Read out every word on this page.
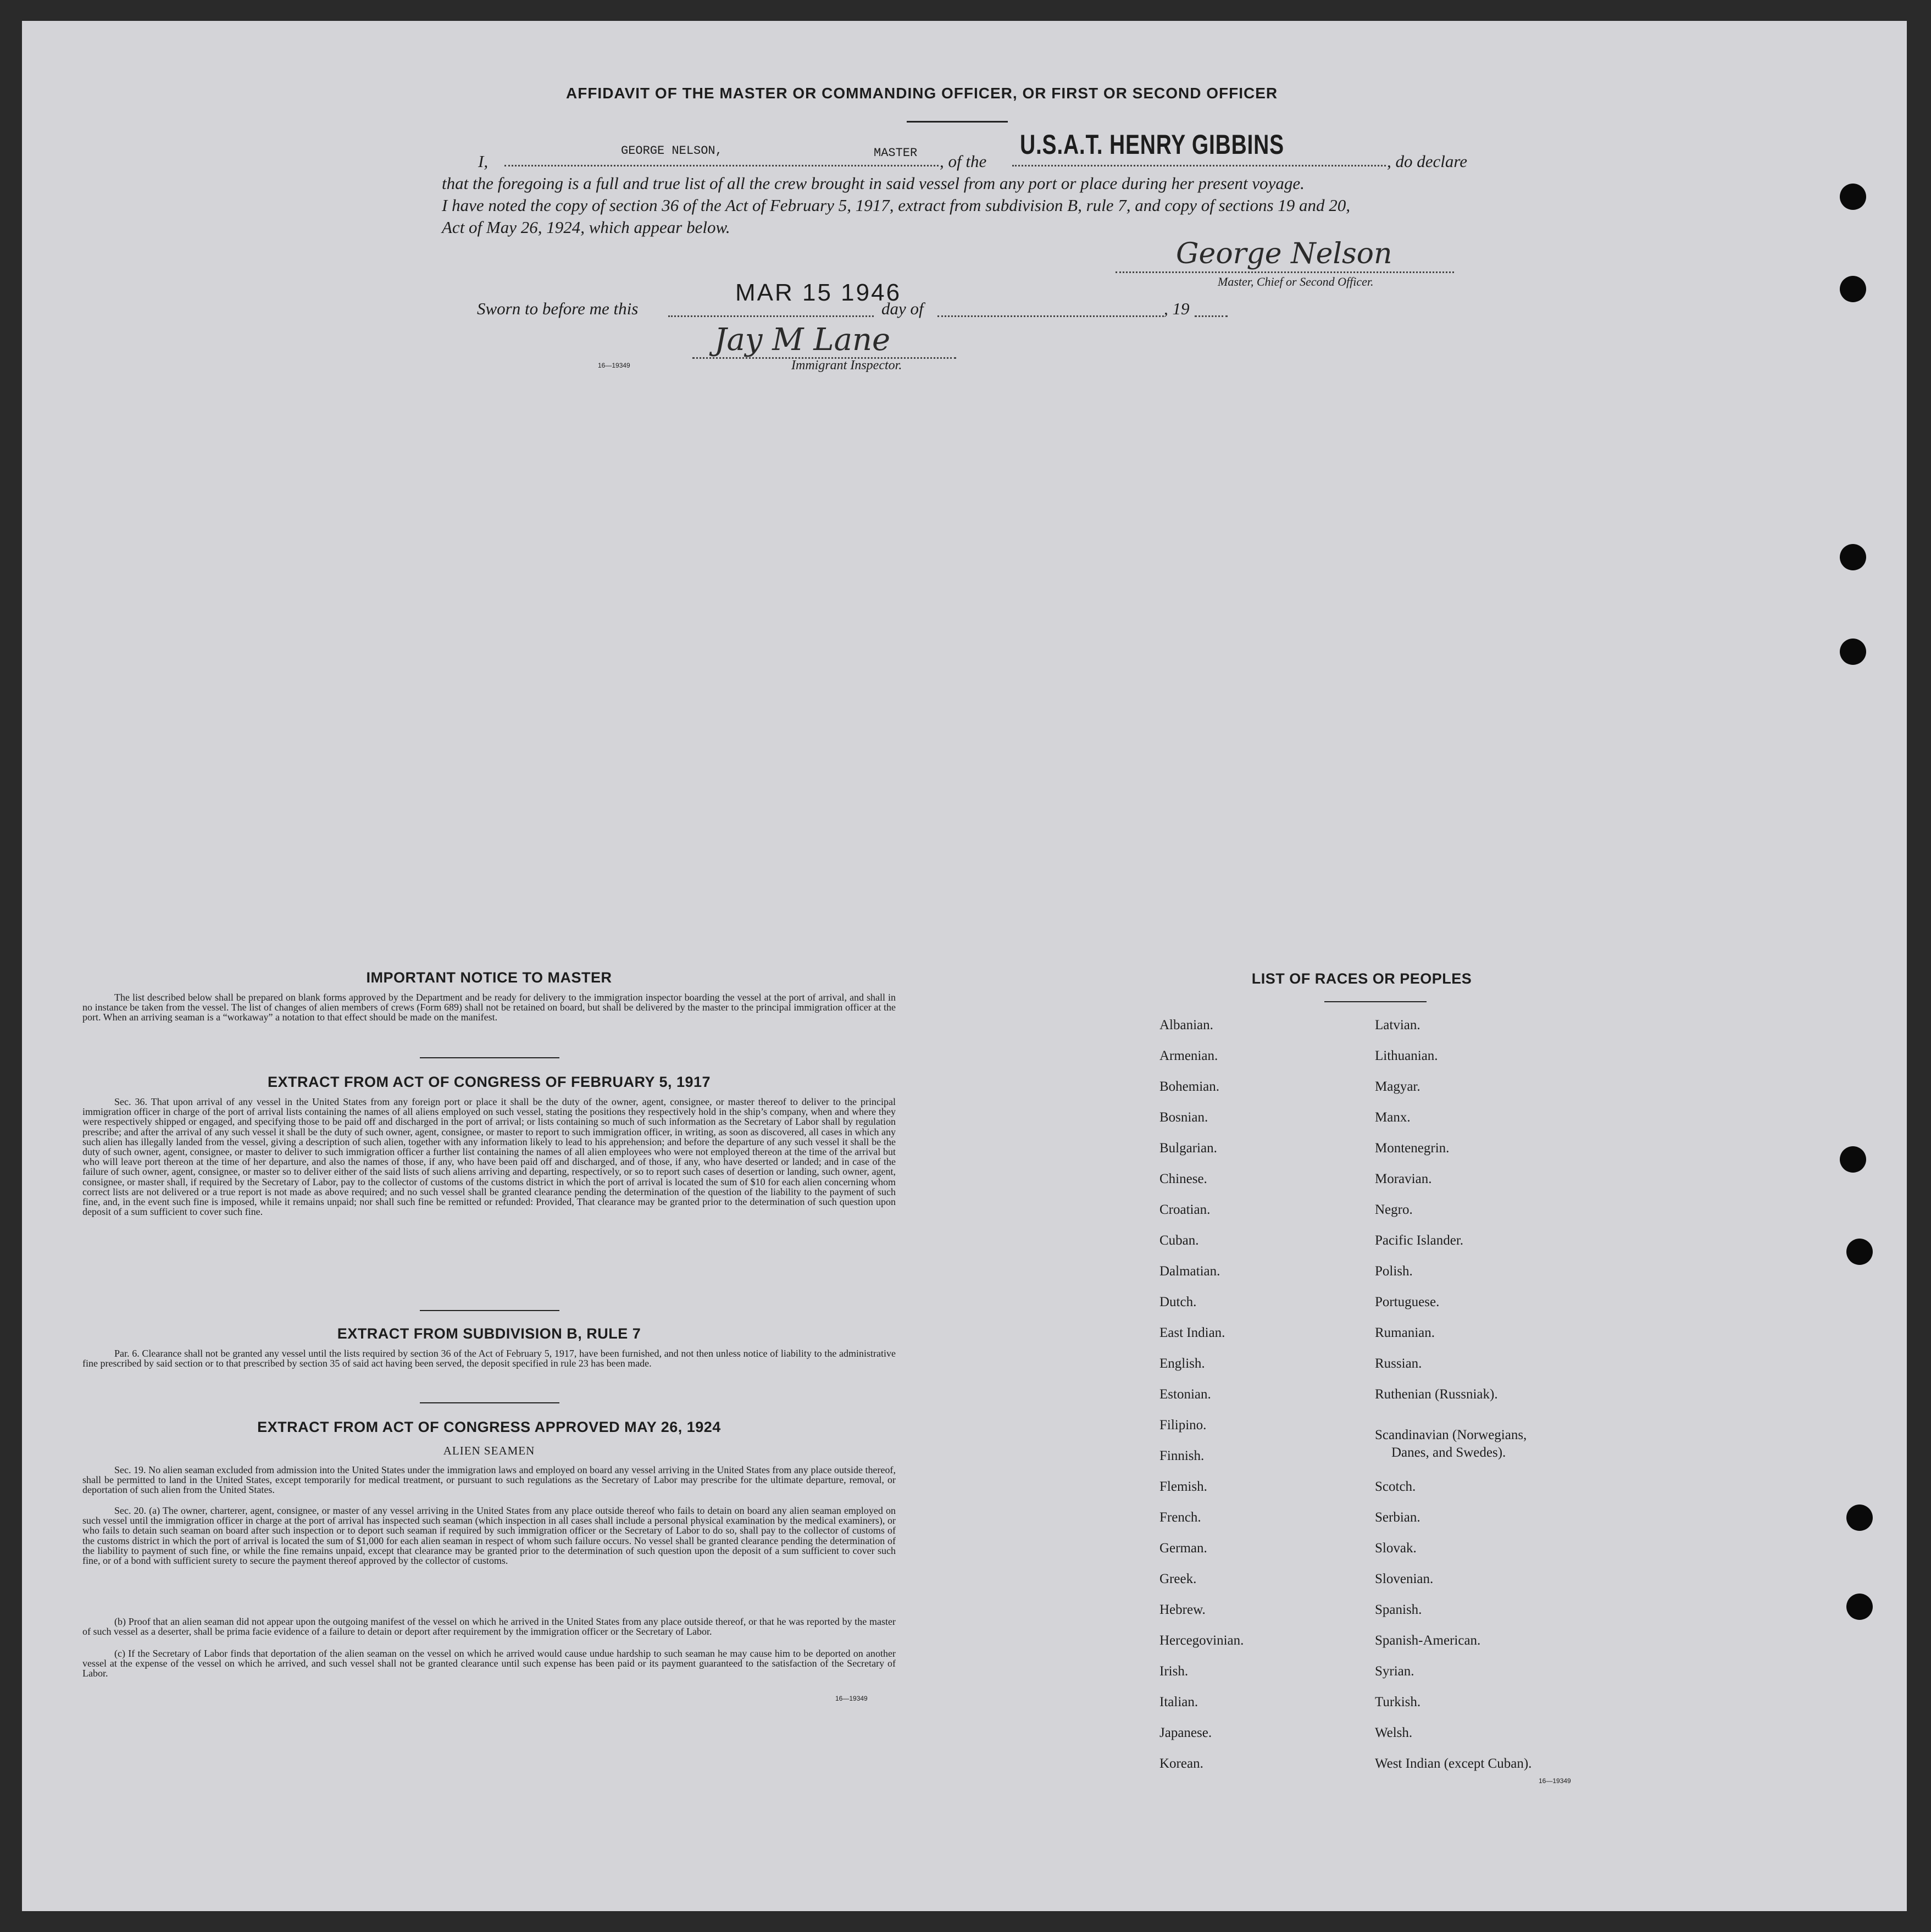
AFFIDAVIT OF THE MASTER OR COMMANDING OFFICER, OR FIRST OR SECOND OFFICER
I,
GEORGE NELSON,	MASTER , of the
U.S.A.T. HENRY GIBBINS
, do declare
that the foregoing is a full and true list of all the crew brought in said vessel from any port or place during her present voyage.
I have noted the copy of section 36 of the Act of February 5, 1917, extract from subdivision B, rule 7, and copy of sections 19 and 20,
Act of May 26, 1924, which appear below.
George Nelson
Master, Chief or Second Officer.
Sworn to before me this
MAR 15 1946
day of	, 19
16—19349
Jay M Lane
Immigrant Inspector.
IMPORTANT NOTICE TO MASTER
The list described below shall be prepared on blank forms approved by the Department and be ready for delivery to the immigration inspector boarding the vessel at the port of arrival, and shall in no instance be taken from the vessel. The list of changes of alien members of crews (Form 689) shall not be retained on board, but shall be delivered by the master to the principal immigration officer at the port. When an arriving seaman is a “workaway” a notation to that effect should be made on the manifest.
EXTRACT FROM ACT OF CONGRESS OF FEBRUARY 5, 1917
Sec. 36. That upon arrival of any vessel in the United States from any foreign port or place it shall be the duty of the owner, agent, consignee, or master thereof to deliver to the principal immigration officer in charge of the port of arrival lists containing the names of all aliens employed on such vessel, stating the positions they respectively hold in the ship’s company, when and where they were respectively shipped or engaged, and specifying those to be paid off and discharged in the port of arrival; or lists containing so much of such information as the Secretary of Labor shall by regulation prescribe; and after the arrival of any such vessel it shall be the duty of such owner, agent, consignee, or master to report to such immigration officer, in writing, as soon as discovered, all cases in which any such alien has illegally landed from the vessel, giving a description of such alien, together with any information likely to lead to his apprehension; and before the departure of any such vessel it shall be the duty of such owner, agent, consignee, or master to deliver to such immigration officer a further list containing the names of all alien employees who were not employed thereon at the time of the arrival but who will leave port thereon at the time of her departure, and also the names of those, if any, who have been paid off and discharged, and of those, if any, who have deserted or landed; and in case of the failure of such owner, agent, consignee, or master so to deliver either of the said lists of such aliens arriving and departing, respectively, or so to report such cases of desertion or landing, such owner, agent, consignee, or master shall, if required by the Secretary of Labor, pay to the collector of customs of the customs district in which the port of arrival is located the sum of $10 for each alien concerning whom correct lists are not delivered or a true report is not made as above required; and no such vessel shall be granted clearance pending the determination of the question of the liability to the payment of such fine, and, in the event such fine is imposed, while it remains unpaid; nor shall such fine be remitted or refunded: Provided, That clearance may be granted prior to the determination of such question upon deposit of a sum sufficient to cover such fine.
EXTRACT FROM SUBDIVISION B, RULE 7
Par. 6. Clearance shall not be granted any vessel until the lists required by section 36 of the Act of February 5, 1917, have been furnished, and not then unless notice of liability to the administrative fine prescribed by said section or to that prescribed by section 35 of said act having been served, the deposit specified in rule 23 has been made.
EXTRACT FROM ACT OF CONGRESS APPROVED MAY 26, 1924
ALIEN SEAMEN
Sec. 19. No alien seaman excluded from admission into the United States under the immigration laws and employed on board any vessel arriving in the United States from any place outside thereof, shall be permitted to land in the United States, except temporarily for medical treatment, or pursuant to such regulations as the Secretary of Labor may prescribe for the ultimate departure, removal, or deportation of such alien from the United States.
Sec. 20. (a) The owner, charterer, agent, consignee, or master of any vessel arriving in the United States from any place outside thereof who fails to detain on board any alien seaman employed on such vessel until the immigration officer in charge at the port of arrival has inspected such seaman (which inspection in all cases shall include a personal physical examination by the medical examiners), or who fails to detain such seaman on board after such inspection or to deport such seaman if required by such immigration officer or the Secretary of Labor to do so, shall pay to the collector of customs of the customs district in which the port of arrival is located the sum of $1,000 for each alien seaman in respect of whom such failure occurs. No vessel shall be granted clearance pending the determination of the liability to payment of such fine, or while the fine remains unpaid, except that clearance may be granted prior to the determination of such question upon the deposit of a sum sufficient to cover such fine, or of a bond with sufficient surety to secure the payment thereof approved by the collector of customs.
(b) Proof that an alien seaman did not appear upon the outgoing manifest of the vessel on which he arrived in the United States from any place outside thereof, or that he was reported by the master of such vessel as a deserter, shall be prima facie evidence of a failure to detain or deport after requirement by the immigration officer or the Secretary of Labor.
(c) If the Secretary of Labor finds that deportation of the alien seaman on the vessel on which he arrived would cause undue hardship to such seaman he may cause him to be deported on another vessel at the expense of the vessel on which he arrived, and such vessel shall not be granted clearance until such expense has been paid or its payment guaranteed to the satisfaction of the Secretary of Labor.
16—19349
LIST OF RACES OR PEOPLES
Albanian.
Armenian.
Bohemian.
Bosnian.
Bulgarian.
Chinese.
Croatian.
Cuban.
Dalmatian.
Dutch.
East Indian.
English.
Estonian.
Filipino.
Finnish.
Flemish.
French.
German.
Greek.
Hebrew.
Hercegovinian.
Irish.
Italian.
Japanese.
Korean.
Latvian.
Lithuanian.
Magyar.
Manx.
Montenegrin.
Moravian.
Negro.
Pacific Islander.
Polish.
Portuguese.
Rumanian.
Russian.
Ruthenian (Russniak).
Scandinavian (Norwegians,
Danes, and Swedes).
Scotch.
Serbian.
Slovak.
Slovenian.
Spanish.
Spanish-American.
Syrian.
Turkish.
Welsh.
West Indian (except Cuban).
16—19349
